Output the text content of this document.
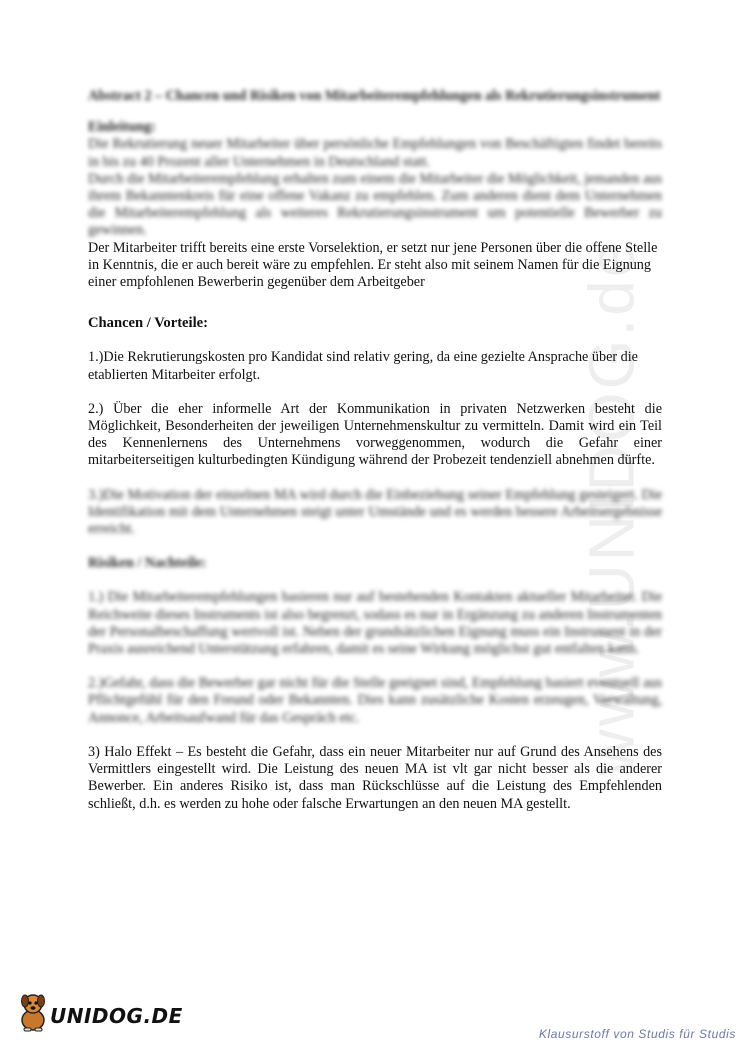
www.UNIDOG.de

Abstract 2 – Chancen und Risiken von Mitarbeiterempfehlungen als Rekrutierungsinstrument

Einleitung:

Die Rekrutierung neuer Mitarbeiter über persönliche Empfehlungen von Beschäftigten findet bereits in bis zu 40 Prozent aller Unternehmen in Deutschland statt.

Durch die Mitarbeiterempfehlung erhalten zum einem die Mitarbeiter die Möglichkeit, jemanden aus ihrem Bekanntenkreis für eine offene Vakanz zu empfehlen. Zum anderen dient dem Unternehmen die Mitarbeiterempfehlung als weiteres Rekrutierungsinstrument um potentielle Bewerber zu gewinnen.

Der Mitarbeiter trifft bereits eine erste Vorselektion, er setzt nur jene Personen über die offene Stelle in Kenntnis, die er auch bereit wäre zu empfehlen. Er steht also mit seinem Namen für die Eignung einer empfohlenen Bewerberin gegenüber dem Arbeitgeber

Chancen / Vorteile:

1.)Die Rekrutierungskosten pro Kandidat sind relativ gering, da eine gezielte Ansprache über die etablierten Mitarbeiter erfolgt.

2.) Über die eher informelle Art der Kommunikation in privaten Netzwerken besteht die Möglichkeit, Besonderheiten der jeweiligen Unternehmenskultur zu vermitteln. Damit wird ein Teil des Kennenlernens des Unternehmens vorweggenommen, wodurch die Gefahr einer mitarbeiterseitigen kulturbedingten Kündigung während der Probezeit tendenziell abnehmen dürfte.

3.)Die Motivation der einzelnen MA wird durch die Einbeziehung seiner Empfehlung gesteigert. Die Identifikation mit dem Unternehmen steigt unter Umstände und es werden bessere Arbeitsergebnisse erreicht.

Risiken / Nachteile:

1.) Die Mitarbeiterempfehlungen basieren nur auf bestehenden Kontakten aktueller Mitarbeiter. Die Reichweite dieses Instruments ist also begrenzt, sodass es nur in Ergänzung zu anderen Instrumenten der Personalbeschaffung wertvoll ist. Neben der grundsätzlichen Eignung muss ein Instrument in der Praxis ausreichend Unterstützung erfahren, damit es seine Wirkung möglichst gut entfalten kann.

2.)Gefahr, dass die Bewerber gar nicht für die Stelle geeignet sind, Empfehlung basiert eventuell aus Pflichtgefühl für den Freund oder Bekannten. Dies kann zusätzliche Kosten erzeugen, Verwaltung, Annonce, Arbeitsaufwand für das Gespräch etc.

3) Halo Effekt – Es besteht die Gefahr, dass ein neuer Mitarbeiter nur auf Grund des Ansehens des Vermittlers eingestellt wird. Die Leistung des neuen MA ist vlt gar nicht besser als die anderer Bewerber. Ein anderes Risiko ist, dass man Rückschlüsse auf die Leistung des Empfehlenden schließt, d.h. es werden zu hohe oder falsche Erwartungen an den neuen MA gestellt.

UNIDOG.DE
Klausurstoff von Studis für Studis
